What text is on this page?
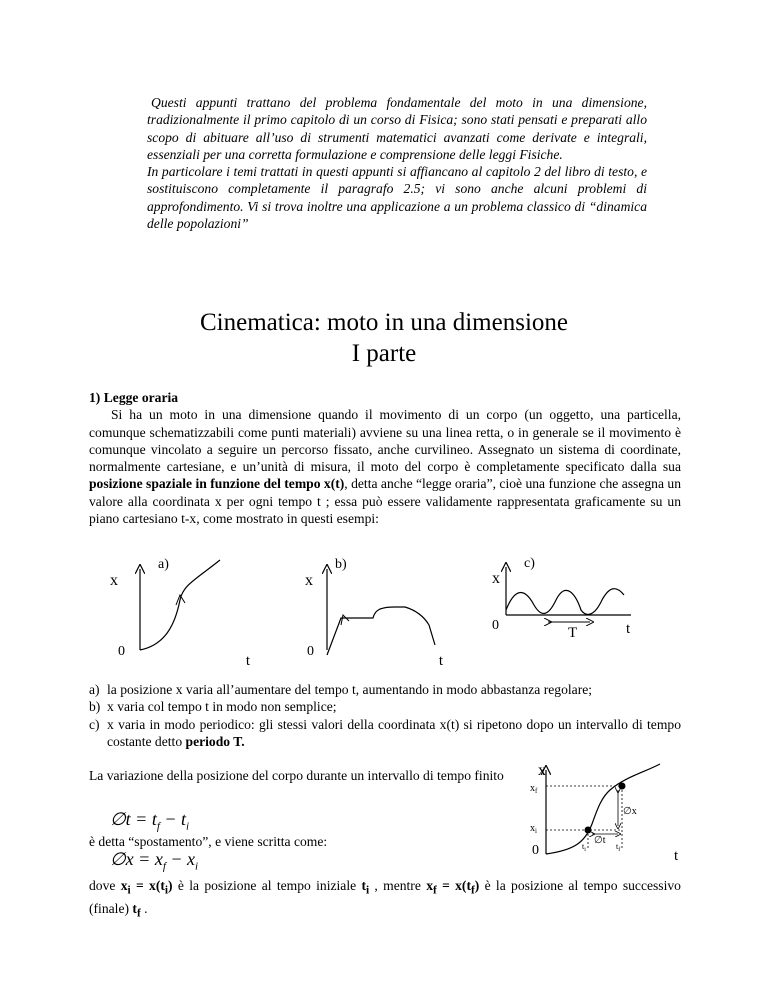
Questi appunti trattano del problema fondamentale del moto in una dimensione, tradizionalmente il primo capitolo di un corso di Fisica; sono stati pensati e preparati allo scopo di abituare all’uso di strumenti matematici avanzati come derivate e integrali, essenziali per una corretta formulazione e comprensione delle leggi Fisiche.

In particolare i temi trattati in questi appunti si affiancano al capitolo 2 del libro di testo, e sostituiscono completamente il paragrafo 2.5; vi sono anche alcuni problemi di approfondimento. Vi si trova inoltre una applicazione a un problema classico di “dinamica delle popolazioni”

Cinematica: moto in una dimensione
I parte

1) Legge oraria

Si ha un moto in una dimensione quando il movimento di un corpo (un oggetto, una particella, comunque schematizzabili come punti materiali) avviene su una linea retta, o in generale se il movimento è comunque vincolato a seguire un percorso fissato, anche curvilineo. Assegnato un sistema di coordinate, normalmente cartesiane, e un’unità di misura, il moto del corpo è completamente specificato dalla sua posizione spaziale in funzione del tempo x(t), detta anche “legge oraria”, cioè una funzione che assegna un valore alla coordinata x per ogni tempo t ; essa può essere validamente rappresentata graficamente su un piano cartesiano t-x, come mostrato in questi esempi:

a)
x
0
t
b)
x
0
t
c)
x
0	T	t
a) la posizione x varia all’aumentare del tempo t, aumentando in modo abbastanza regolare;
b) x varia col tempo t in modo non semplice;
c) x varia in modo periodico: gli stessi valori della coordinata x(t) si ripetono dopo un intervallo di tempo costante detto periodo T.
La variazione della posizione del corpo durante un intervallo di tempo finito
∅t = $t_f - t_i$
è detta “spostamento”, e viene scritta come:
∅x = $x_f - x_i$
x
$x_f$
$x_i$
∅x
∅t
0	$t_i$	$t_f$	t

dove $x_i = x(t_i)$ è la posizione al tempo iniziale $t_i$ , mentre $x_f = x(t_f)$ è la posizione al tempo successivo (finale) $t_f$ .
